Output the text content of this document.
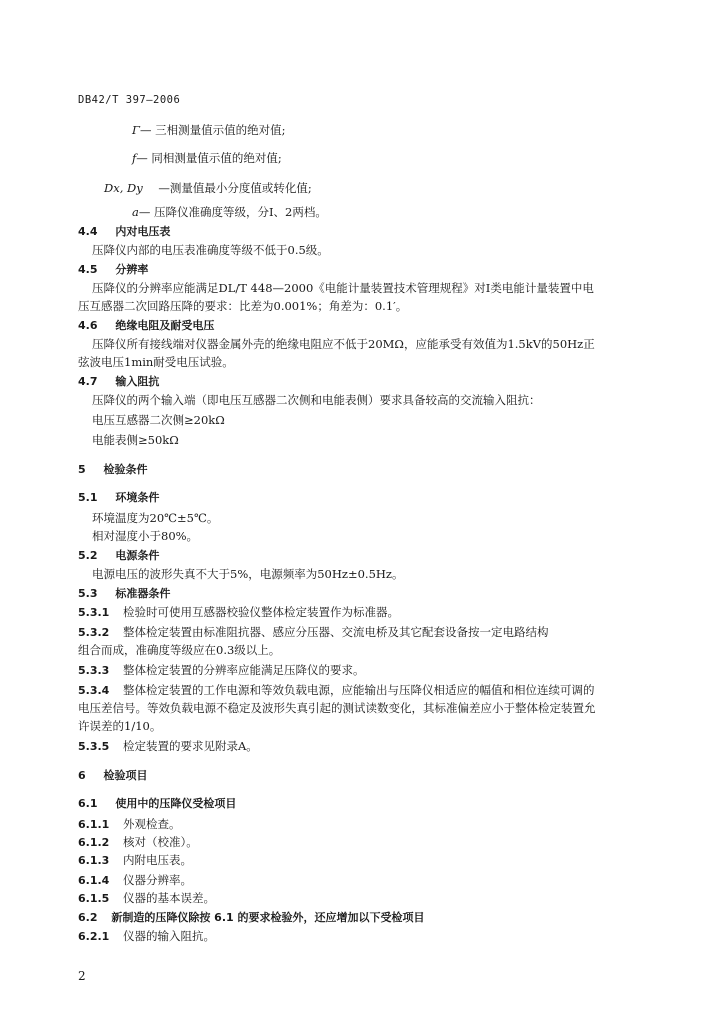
DB42/T 397—2006
Γ— 三相测量值示值的绝对值;
f— 同相测量值示值的绝对值;
Dx, Dy —测量值最小分度值或转化值;
a— 压降仪准确度等级，分I、2两档。
4.4 内对电压表
压降仪内部的电压表准确度等级不低于0.5级。
4.5 分辨率
压降仪的分辨率应能满足DL/T 448—2000《电能计量装置技术管理规程》对I类电能计量装置中电
压互感器二次回路压降的要求：比差为0.001%；角差为：0.1′。
4.6 绝缘电阻及耐受电压
压降仪所有接线端对仪器金属外壳的绝缘电阻应不低于20MΩ，应能承受有效值为1.5kV的50Hz正
弦波电压1min耐受电压试验。
4.7 输入阻抗
压降仪的两个输入端（即电压互感器二次侧和电能表侧）要求具备较高的交流输入阻抗：
电压互感器二次侧≥20kΩ
电能表侧≥50kΩ
5 检验条件
5.1 环境条件
环境温度为20℃±5℃。
相对湿度小于80%。
5.2 电源条件
电源电压的波形失真不大于5%，电源频率为50Hz±0.5Hz。
5.3 标准器条件
5.3.1 检验时可使用互感器校验仪整体检定装置作为标准器。
5.3.2 整体检定装置由标准阻抗器、感应分压器、交流电桥及其它配套设备按一定电路结构
组合而成，准确度等级应在0.3级以上。
5.3.3 整体检定装置的分辨率应能满足压降仪的要求。
5.3.4 整体检定装置的工作电源和等效负载电源，应能输出与压降仪相适应的幅值和相位连续可调的
电压差信号。等效负载电源不稳定及波形失真引起的测试读数变化，其标准偏差应小于整体检定装置允
许误差的1/10。
5.3.5 检定装置的要求见附录A。
6 检验项目
6.1 使用中的压降仪受检项目
6.1.1 外观检查。
6.1.2 核对（校准）。
6.1.3 内附电压表。
6.1.4 仪器分辨率。
6.1.5 仪器的基本误差。
6.2 新制造的压降仪除按 6.1 的要求检验外，还应增加以下受检项目
6.2.1 仪器的输入阻抗。
2
